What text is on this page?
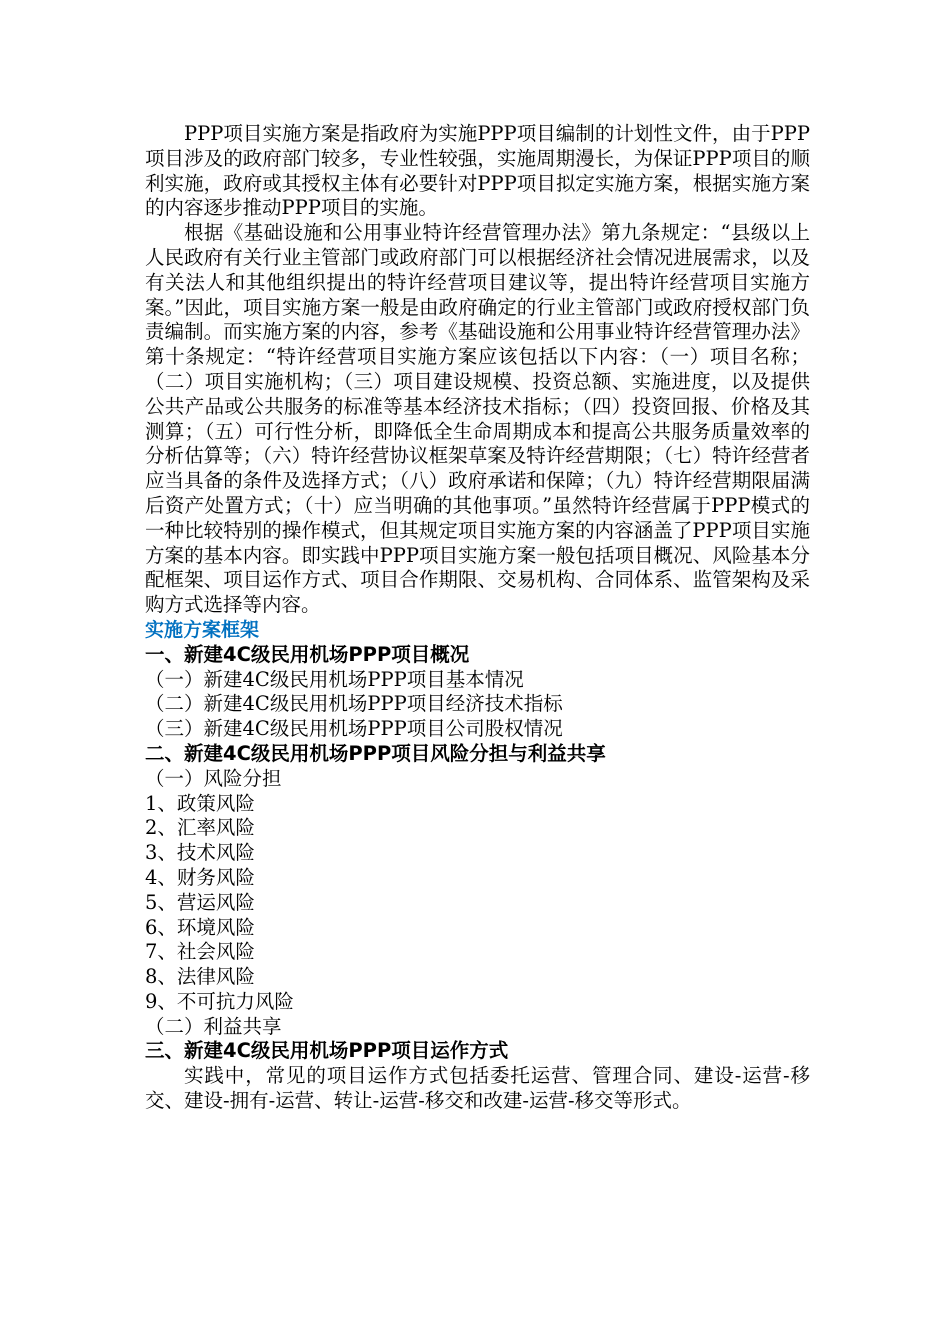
PPP项目实施方案是指政府为实施PPP项目编制的计划性文件，由于PPP项目涉及的政府部门较多，专业性较强，实施周期漫长，为保证PPP项目的顺利实施，政府或其授权主体有必要针对PPP项目拟定实施方案，根据实施方案的内容逐步推动PPP项目的实施。

根据《基础设施和公用事业特许经营管理办法》第九条规定：“县级以上人民政府有关行业主管部门或政府部门可以根据经济社会情况进展需求，以及有关法人和其他组织提出的特许经营项目建议等，提出特许经营项目实施方案。”因此，项目实施方案一般是由政府确定的行业主管部门或政府授权部门负责编制。而实施方案的内容，参考《基础设施和公用事业特许经营管理办法》第十条规定：“特许经营项目实施方案应该包括以下内容：（一）项目名称；（二）项目实施机构；（三）项目建设规模、投资总额、实施进度，以及提供公共产品或公共服务的标准等基本经济技术指标；（四）投资回报、价格及其测算；（五）可行性分析，即降低全生命周期成本和提高公共服务质量效率的分析估算等；（六）特许经营协议框架草案及特许经营期限；（七）特许经营者应当具备的条件及选择方式；（八）政府承诺和保障；（九）特许经营期限届满后资产处置方式；（十）应当明确的其他事项。”虽然特许经营属于PPP模式的一种比较特别的操作模式，但其规定项目实施方案的内容涵盖了PPP项目实施方案的基本内容。即实践中PPP项目实施方案一般包括项目概况、风险基本分配框架、项目运作方式、项目合作期限、交易机构、合同体系、监管架构及采购方式选择等内容。

实施方案框架

一、新建4C级民用机场PPP项目概况

（一）新建4C级民用机场PPP项目基本情况

（二）新建4C级民用机场PPP项目经济技术指标

（三）新建4C级民用机场PPP项目公司股权情况

二、新建4C级民用机场PPP项目风险分担与利益共享

（一）风险分担

1、政策风险

2、汇率风险

3、技术风险

4、财务风险

5、营运风险

6、环境风险

7、社会风险

8、法律风险

9、不可抗力风险

（二）利益共享

三、新建4C级民用机场PPP项目运作方式

实践中，常见的项目运作方式包括委托运营、管理合同、建设-运营-移交、建设-拥有-运营、转让-运营-移交和改建-运营-移交等形式。
